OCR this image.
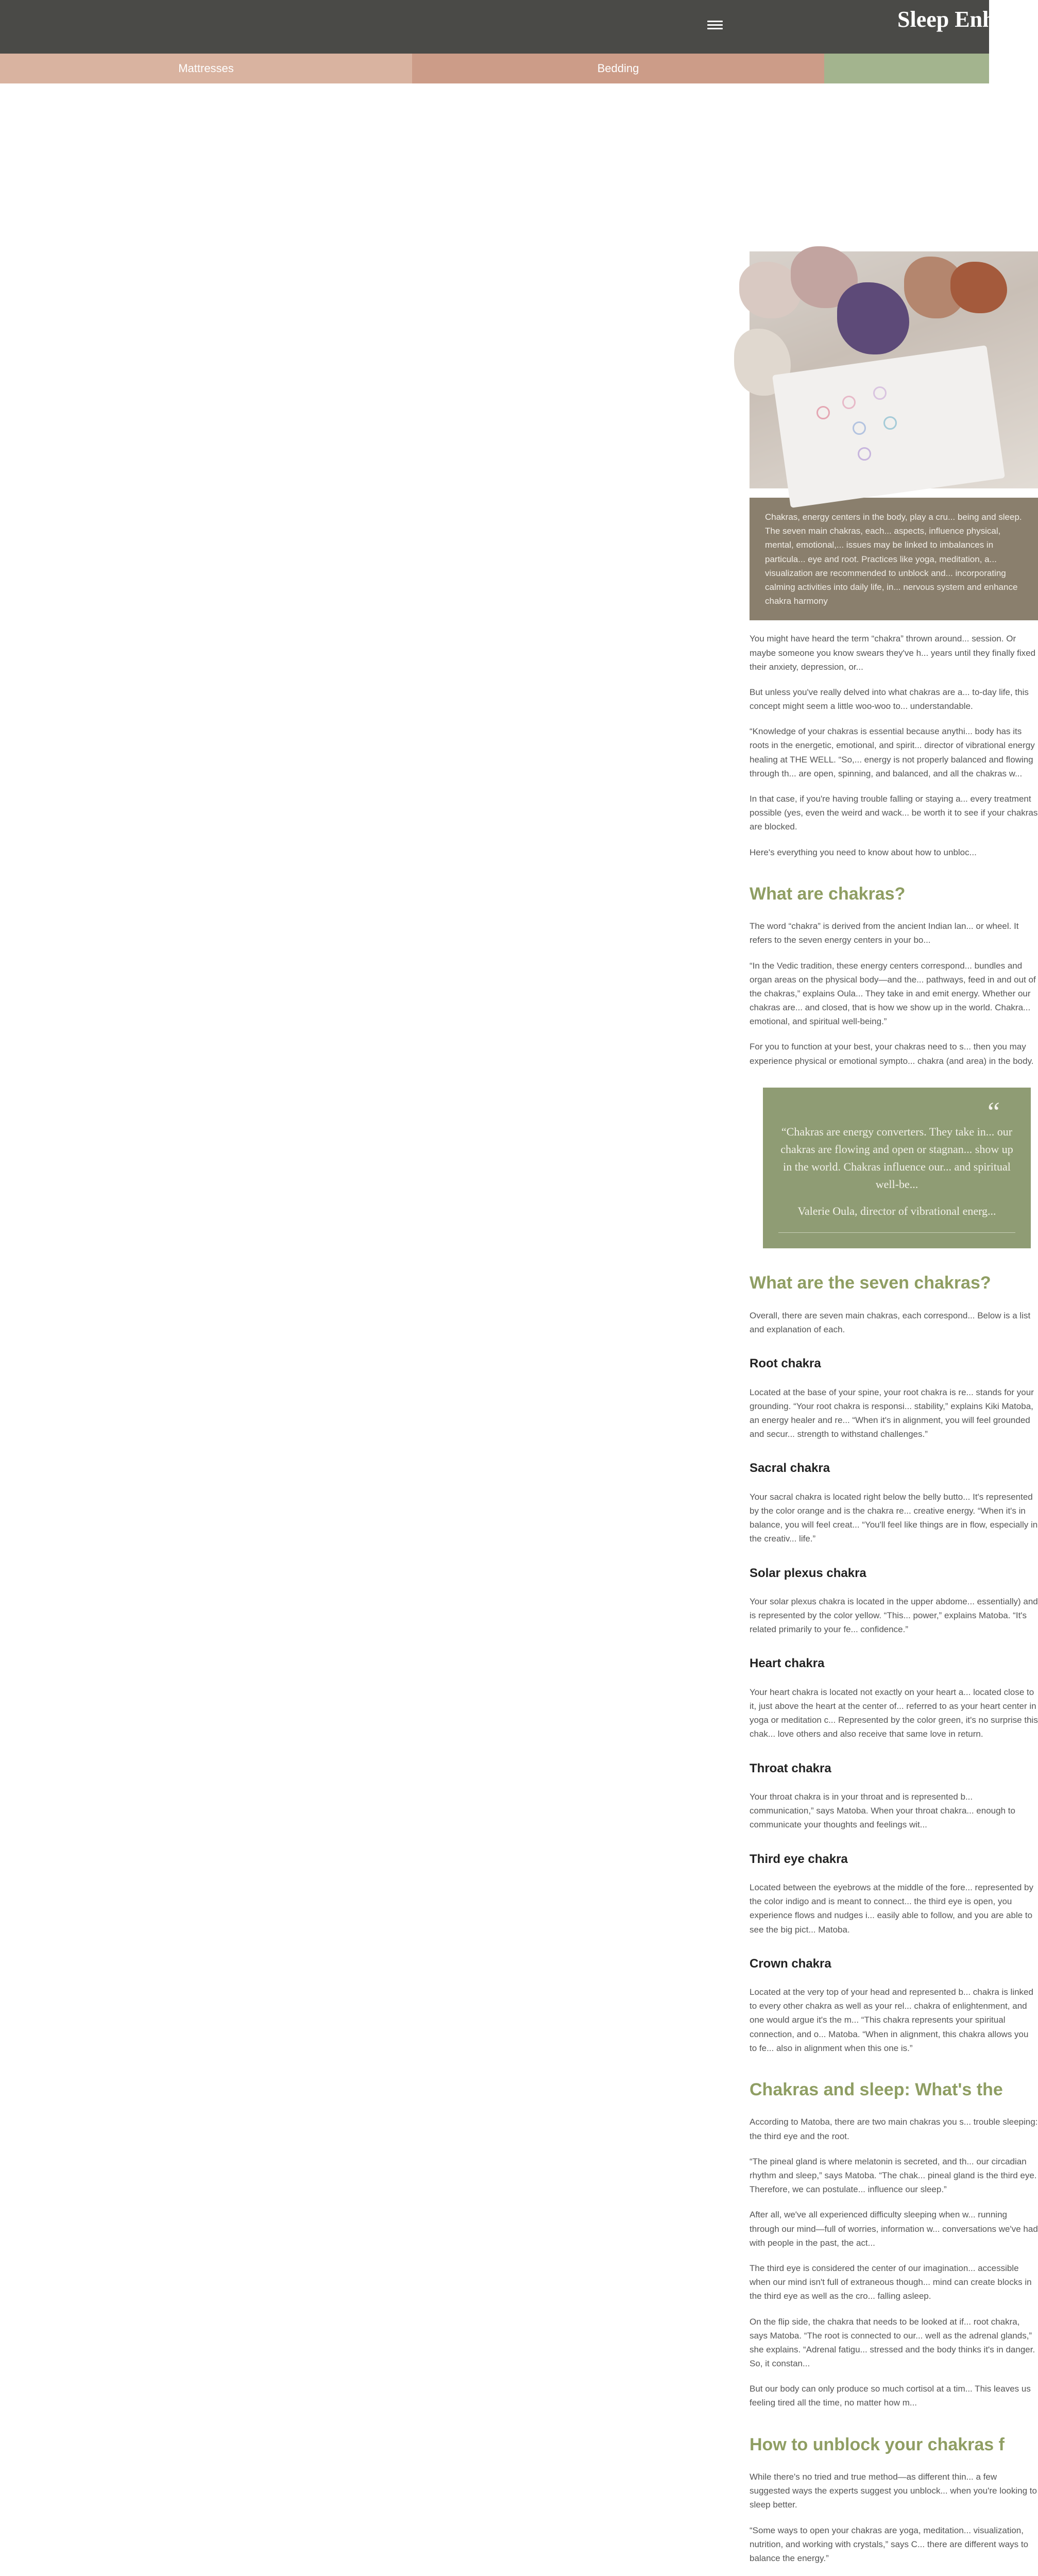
Sleep Enh
Mattresses	Bedding
Chakras, energy centers in the body, play a cru... being and sleep. The seven main chakras, each... aspects, influence physical, mental, emotional,... issues may be linked to imbalances in particula... eye and root. Practices like yoga, meditation, a... visualization are recommended to unblock and... incorporating calming activities into daily life, in... nervous system and enhance chakra harmony

You might have heard the term “chakra” thrown around... session. Or maybe someone you know swears they've h... years until they finally fixed their anxiety, depression, or...

But unless you've really delved into what chakras are a... to-day life, this concept might seem a little woo-woo to... understandable.

“Knowledge of your chakras is essential because anythi... body has its roots in the energetic, emotional, and spirit... director of vibrational energy healing at THE WELL. “So,... energy is not properly balanced and flowing through th... are open, spinning, and balanced, and all the chakras w...

In that case, if you're having trouble falling or staying a... every treatment possible (yes, even the weird and wack... be worth it to see if your chakras are blocked.

Here's everything you need to know about how to unbloc...

What are chakras?

The word “chakra” is derived from the ancient Indian lan... or wheel. It refers to the seven energy centers in your bo...

“In the Vedic tradition, these energy centers correspond... bundles and organ areas on the physical body—and the... pathways, feed in and out of the chakras,” explains Oula... They take in and emit energy. Whether our chakras are... and closed, that is how we show up in the world. Chakra... emotional, and spiritual well-being.”

For you to function at your best, your chakras need to s... then you may experience physical or emotional sympto... chakra (and area) in the body.

“
“Chakras are energy converters. They take in... our chakras are flowing and open or stagnan... show up in the world. Chakras influence our... and spiritual well-be...
Valerie Oula, director of vibrational energ...
What are the seven chakras?

Overall, there are seven main chakras, each correspond... Below is a list and explanation of each.

Root chakra

Located at the base of your spine, your root chakra is re... stands for your grounding. “Your root chakra is responsi... stability,” explains Kiki Matoba, an energy healer and re... “When it's in alignment, you will feel grounded and secur... strength to withstand challenges.”

Sacral chakra

Your sacral chakra is located right below the belly butto... It's represented by the color orange and is the chakra re... creative energy. “When it's in balance, you will feel creat... “You'll feel like things are in flow, especially in the creativ... life.”

Solar plexus chakra

Your solar plexus chakra is located in the upper abdome... essentially) and is represented by the color yellow. “This... power,” explains Matoba. “It's related primarily to your fe... confidence.”

Heart chakra

Your heart chakra is located not exactly on your heart a... located close to it, just above the heart at the center of... referred to as your heart center in yoga or meditation c... Represented by the color green, it's no surprise this chak... love others and also receive that same love in return.

Throat chakra

Your throat chakra is in your throat and is represented b... communication,” says Matoba. When your throat chakra... enough to communicate your thoughts and feelings wit...

Third eye chakra

Located between the eyebrows at the middle of the fore... represented by the color indigo and is meant to connect... the third eye is open, you experience flows and nudges i... easily able to follow, and you are able to see the big pict... Matoba.

Crown chakra

Located at the very top of your head and represented b... chakra is linked to every other chakra as well as your rel... chakra of enlightenment, and one would argue it's the m... “This chakra represents your spiritual connection, and o... Matoba. “When in alignment, this chakra allows you to fe... also in alignment when this one is.”

Chakras and sleep: What's the

According to Matoba, there are two main chakras you s... trouble sleeping: the third eye and the root.

“The pineal gland is where melatonin is secreted, and th... our circadian rhythm and sleep,” says Matoba. “The chak... pineal gland is the third eye. Therefore, we can postulate... influence our sleep.”

After all, we've all experienced difficulty sleeping when w... running through our mind—full of worries, information w... conversations we've had with people in the past, the act...

The third eye is considered the center of our imagination... accessible when our mind isn't full of extraneous though... mind can create blocks in the third eye as well as the cro... falling asleep.

On the flip side, the chakra that needs to be looked at if... root chakra, says Matoba. “The root is connected to our... well as the adrenal glands,” she explains. “Adrenal fatigu... stressed and the body thinks it's in danger. So, it constan...

But our body can only produce so much cortisol at a tim... This leaves us feeling tired all the time, no matter how m...

How to unblock your chakras f

While there's no tried and true method—as different thin... a few suggested ways the experts suggest you unblock... when you're looking to sleep better.

“Some ways to open your chakras are yoga, meditation... visualization, nutrition, and working with crystals,” says C... there are different ways to balance the energy.”
